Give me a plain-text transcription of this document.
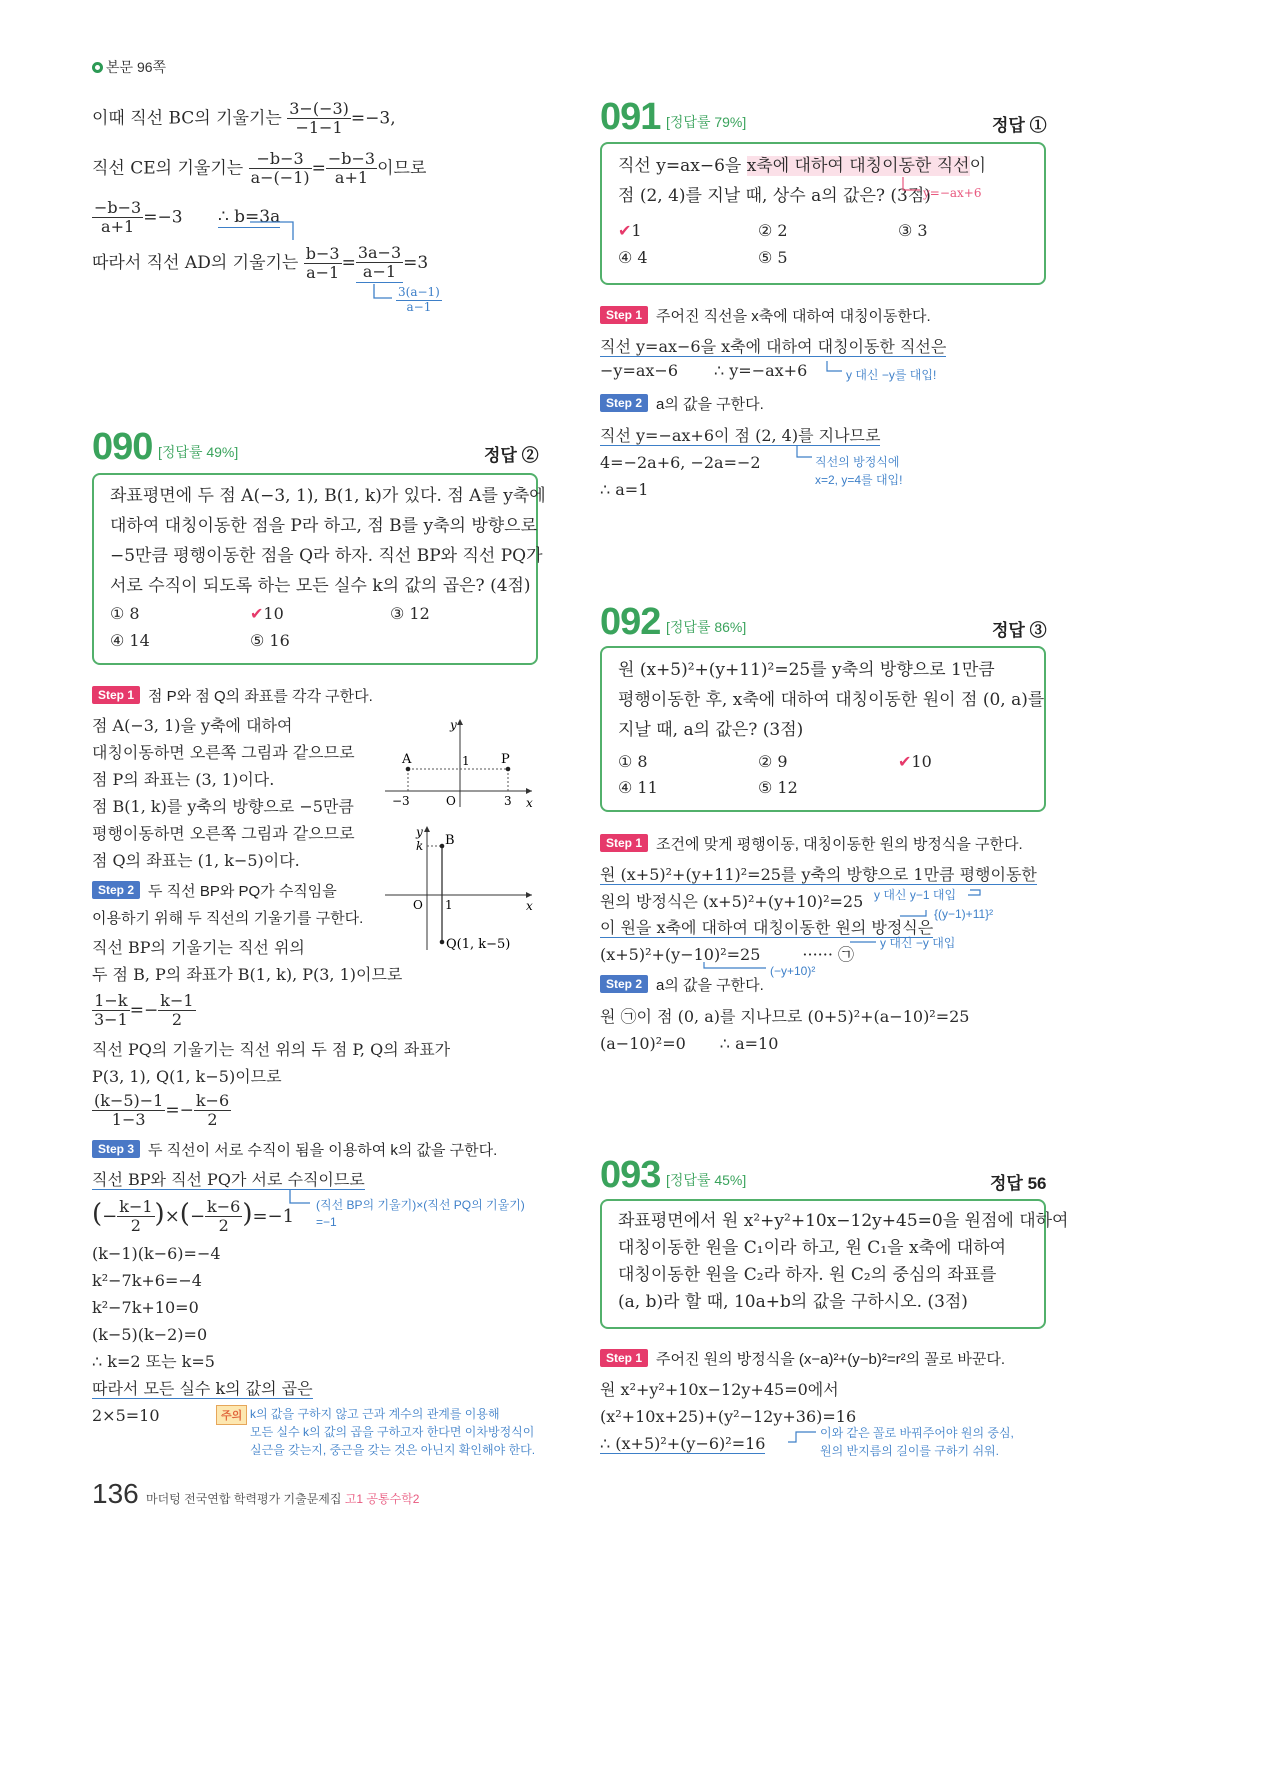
본문 96쪽
이때 직선 BC의 기울기는 $\frac{3-(-3)}{-1-1} =-3$,
직선 CE의 기울기는 $\frac{-b-3}{a-(-1)} = \frac{-b-3}{a+1}$ 이므로
$\frac{-b-3}{a+1} =-3$ ∴ b=3a
따라서 직선 AD의 기울기는 $\frac{b-3}{a-1} = \frac{3a-3}{a-1} =3$
$\frac{3(a-1)}{a-1}$
090 [정답률 49%]	정답 ②
좌표평면에 두 점 A(−3, 1), B(1, k)가 있다. 점 A를 y축에
대하여 대칭이동한 점을 P라 하고, 점 B를 y축의 방향으로
−5만큼 평행이동한 점을 Q라 하자. 직선 BP와 직선 PQ가
서로 수직이 되도록 하는 모든 실수 k의 값의 곱은? (4점)
① 8	✔10	③ 12
④ 14	⑤ 16
Step 1 점 P와 점 Q의 좌표를 각각 구한다.
점 A(−3, 1)을 y축에 대하여
대칭이동하면 오른쪽 그림과 같으므로
점 P의 좌표는 (3, 1)이다.
점 B(1, k)를 y축의 방향으로 −5만큼
평행이동하면 오른쪽 그림과 같으므로
점 Q의 좌표는 (1, k−5)이다.
y
x
A	P
1
−3	O	3
y
x
B
k
O 1
Q(1, k−5)
Step 2 두 직선 BP와 PQ가 수직임을
이용하기 위해 두 직선의 기울기를 구한다.
직선 BP의 기울기는 직선 위의
두 점 B, P의 좌표가 B(1, k), P(3, 1)이므로
$\frac{1-k}{3-1} =- \frac{k-1}{2}$
직선 PQ의 기울기는 직선 위의 두 점 P, Q의 좌표가
P(3, 1), Q(1, k−5)이므로
$\frac{(k-5)-1}{1-3} =- \frac{k-6}{2}$
Step 3 두 직선이 서로 수직이 됨을 이용하여 k의 값을 구한다.
직선 BP와 직선 PQ가 서로 수직이므로
(− $\frac{k-1}{2}$ )×(− $\frac{k-6}{2} )=-1$
(직선 BP의 기울기)×(직선 PQ의 기울기)
=−1
(k−1)(k−6)=−4
k²−7k+6=−4
k²−7k+10=0
(k−5)(k−2)=0
∴ k=2 또는 k=5
따라서 모든 실수 k의 값의 곱은
2×5=10	주의 k의 값을 구하지 않고 근과 계수의 관계를 이용해
모든 실수 k의 값의 곱을 구하고자 한다면 이차방정식이
실근을 갖는지, 중근을 갖는 것은 아닌지 확인해야 한다.
091 [정답률 79%]	정답 ①
직선 y=ax−6을 x축에 대하여 대칭이동한 직선이
점 (2, 4)를 지날 때, 상수 a의 값은? (3점)
y=−ax+6
✔1	② 2	③ 3
④ 4	⑤ 5
Step 1 주어진 직선을 x축에 대하여 대칭이동한다.
직선 y=ax−6을 x축에 대하여 대칭이동한 직선은
−y=ax−6 ∴ y=−ax+6	y 대신 −y를 대입!
Step 2 a의 값을 구한다.
직선 y=−ax+6이 점 (2, 4)를 지나므로
4=−2a+6, −2a=−2
∴ a=1
직선의 방정식에
x=2, y=4를 대입!
092 [정답률 86%]	정답 ③
원 (x+5)²+(y+11)²=25를 y축의 방향으로 1만큼
평행이동한 후, x축에 대하여 대칭이동한 원이 점 (0, a)를
지날 때, a의 값은? (3점)
① 8	② 9	✔10
④ 11	⑤ 12
Step 1 조건에 맞게 평행이동, 대칭이동한 원의 방정식을 구한다.
원 (x+5)²+(y+11)²=25를 y축의 방향으로 1만큼 평행이동한
원의 방정식은 (x+5)²+(y+10)²=25 y 대신 y−1 대입
{(y−1)+11}²
이 원을 x축에 대하여 대칭이동한 원의 방정식은
y 대신 −y 대입
(x+5)²+(y−10)²=25	······ ㉠
(−y+10)²
Step 2 a의 값을 구한다.
원 ㉠이 점 (0, a)를 지나므로 (0+5)²+(a−10)²=25
(a−10)²=0 ∴ a=10
093 [정답률 45%]	정답 56
좌표평면에서 원 x²+y²+10x−12y+45=0을 원점에 대하여
대칭이동한 원을 C₁이라 하고, 원 C₁을 x축에 대하여
대칭이동한 원을 C₂라 하자. 원 C₂의 중심의 좌표를
(a, b)라 할 때, 10a+b의 값을 구하시오. (3점)
Step 1 주어진 원의 방정식을 (x−a)²+(y−b)²=r²의 꼴로 바꾼다.
원 x²+y²+10x−12y+45=0에서
(x²+10x+25)+(y²−12y+36)=16
∴ (x+5)²+(y−6)²=16
이와 같은 꼴로 바꿔주어야 원의 중심,
원의 반지름의 길이를 구하기 쉬워.
136 마더텅 전국연합 학력평가 기출문제집 고1 공통수학2
